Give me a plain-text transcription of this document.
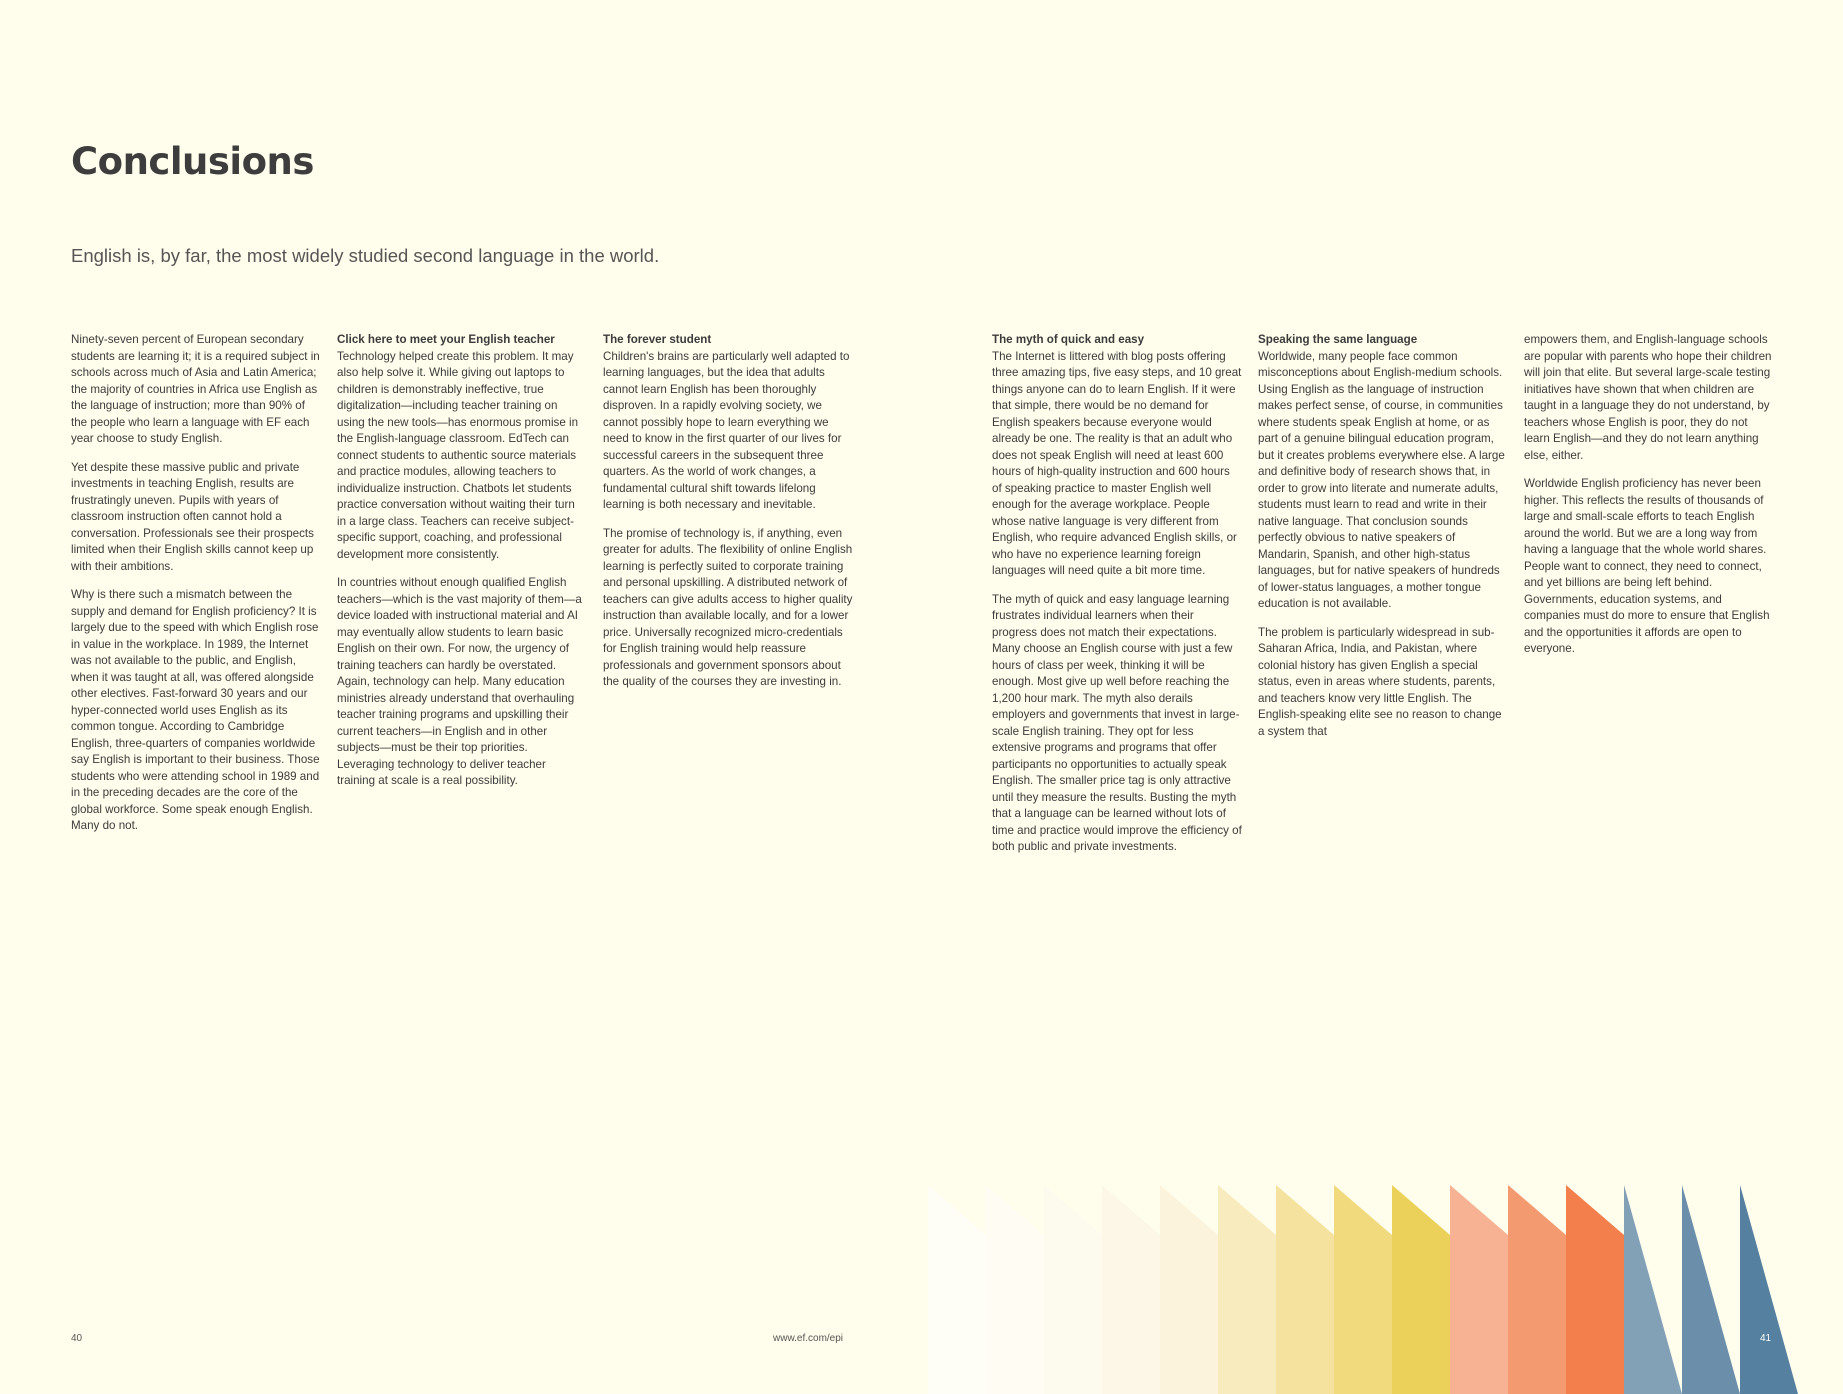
Conclusions

English is, by far, the most widely studied second language in the world.

Ninety-seven percent of European secondary students are learning it; it is a required subject in schools across much of Asia and Latin America; the majority of countries in Africa use English as the language of instruction; more than 90% of the people who learn a language with EF each year choose to study English.

Yet despite these massive public and private investments in teaching English, results are frustratingly uneven. Pupils with years of classroom instruction often cannot hold a conversation. Professionals see their prospects limited when their English skills cannot keep up with their ambitions.

Why is there such a mismatch between the supply and demand for English proficiency? It is largely due to the speed with which English rose in value in the workplace. In 1989, the Internet was not available to the public, and English, when it was taught at all, was offered alongside other electives. Fast-forward 30 years and our hyper-connected world uses English as its common tongue. According to Cambridge English, three-quarters of companies worldwide say English is important to their business. Those students who were attending school in 1989 and in the preceding decades are the core of the global workforce. Some speak enough English. Many do not.

Click here to meet your English teacher

Technology helped create this problem. It may also help solve it. While giving out laptops to children is demonstrably ineffective, true digitalization—including teacher training on using the new tools—has enormous promise in the English-language classroom. EdTech can connect students to authentic source materials and practice modules, allowing teachers to individualize instruction. Chatbots let students practice conversation without waiting their turn in a large class. Teachers can receive subject-specific support, coaching, and professional development more consistently.

In countries without enough qualified English teachers—which is the vast majority of them—a device loaded with instructional material and AI may eventually allow students to learn basic English on their own. For now, the urgency of training teachers can hardly be overstated. Again, technology can help. Many education ministries already understand that overhauling teacher training programs and upskilling their current teachers—in English and in other subjects—must be their top priorities. Leveraging technology to deliver teacher training at scale is a real possibility.

The forever student

Children's brains are particularly well adapted to learning languages, but the idea that adults cannot learn English has been thoroughly disproven. In a rapidly evolving society, we cannot possibly hope to learn everything we need to know in the first quarter of our lives for successful careers in the subsequent three quarters. As the world of work changes, a fundamental cultural shift towards lifelong learning is both necessary and inevitable.

The promise of technology is, if anything, even greater for adults. The flexibility of online English learning is perfectly suited to corporate training and personal upskilling. A distributed network of teachers can give adults access to higher quality instruction than available locally, and for a lower price. Universally recognized micro-credentials for English training would help reassure professionals and government sponsors about the quality of the courses they are investing in.

The myth of quick and easy

The Internet is littered with blog posts offering three amazing tips, five easy steps, and 10 great things anyone can do to learn English. If it were that simple, there would be no demand for English speakers because everyone would already be one. The reality is that an adult who does not speak English will need at least 600 hours of high-quality instruction and 600 hours of speaking practice to master English well enough for the average workplace. People whose native language is very different from English, who require advanced English skills, or who have no experience learning foreign languages will need quite a bit more time.

The myth of quick and easy language learning frustrates individual learners when their progress does not match their expectations. Many choose an English course with just a few hours of class per week, thinking it will be enough. Most give up well before reaching the 1,200 hour mark. The myth also derails employers and governments that invest in large-scale English training. They opt for less extensive programs and programs that offer participants no opportunities to actually speak English. The smaller price tag is only attractive until they measure the results. Busting the myth that a language can be learned without lots of time and practice would improve the efficiency of both public and private investments.

Speaking the same language

Worldwide, many people face common misconceptions about English-medium schools. Using English as the language of instruction makes perfect sense, of course, in communities where students speak English at home, or as part of a genuine bilingual education program, but it creates problems everywhere else. A large and definitive body of research shows that, in order to grow into literate and numerate adults, students must learn to read and write in their native language. That conclusion sounds perfectly obvious to native speakers of Mandarin, Spanish, and other high-status languages, but for native speakers of hundreds of lower-status languages, a mother tongue education is not available.

The problem is particularly widespread in sub-Saharan Africa, India, and Pakistan, where colonial history has given English a special status, even in areas where students, parents, and teachers know very little English. The English-speaking elite see no reason to change a system that

empowers them, and English-language schools are popular with parents who hope their children will join that elite. But several large-scale testing initiatives have shown that when children are taught in a language they do not understand, by teachers whose English is poor, they do not learn English—and they do not learn anything else, either.

Worldwide English proficiency has never been higher. This reflects the results of thousands of large and small-scale efforts to teach English around the world. But we are a long way from having a language that the whole world shares. People want to connect, they need to connect, and yet billions are being left behind. Governments, education systems, and companies must do more to ensure that English and the opportunities it affords are open to everyone.

40	www.ef.com/epi	41
